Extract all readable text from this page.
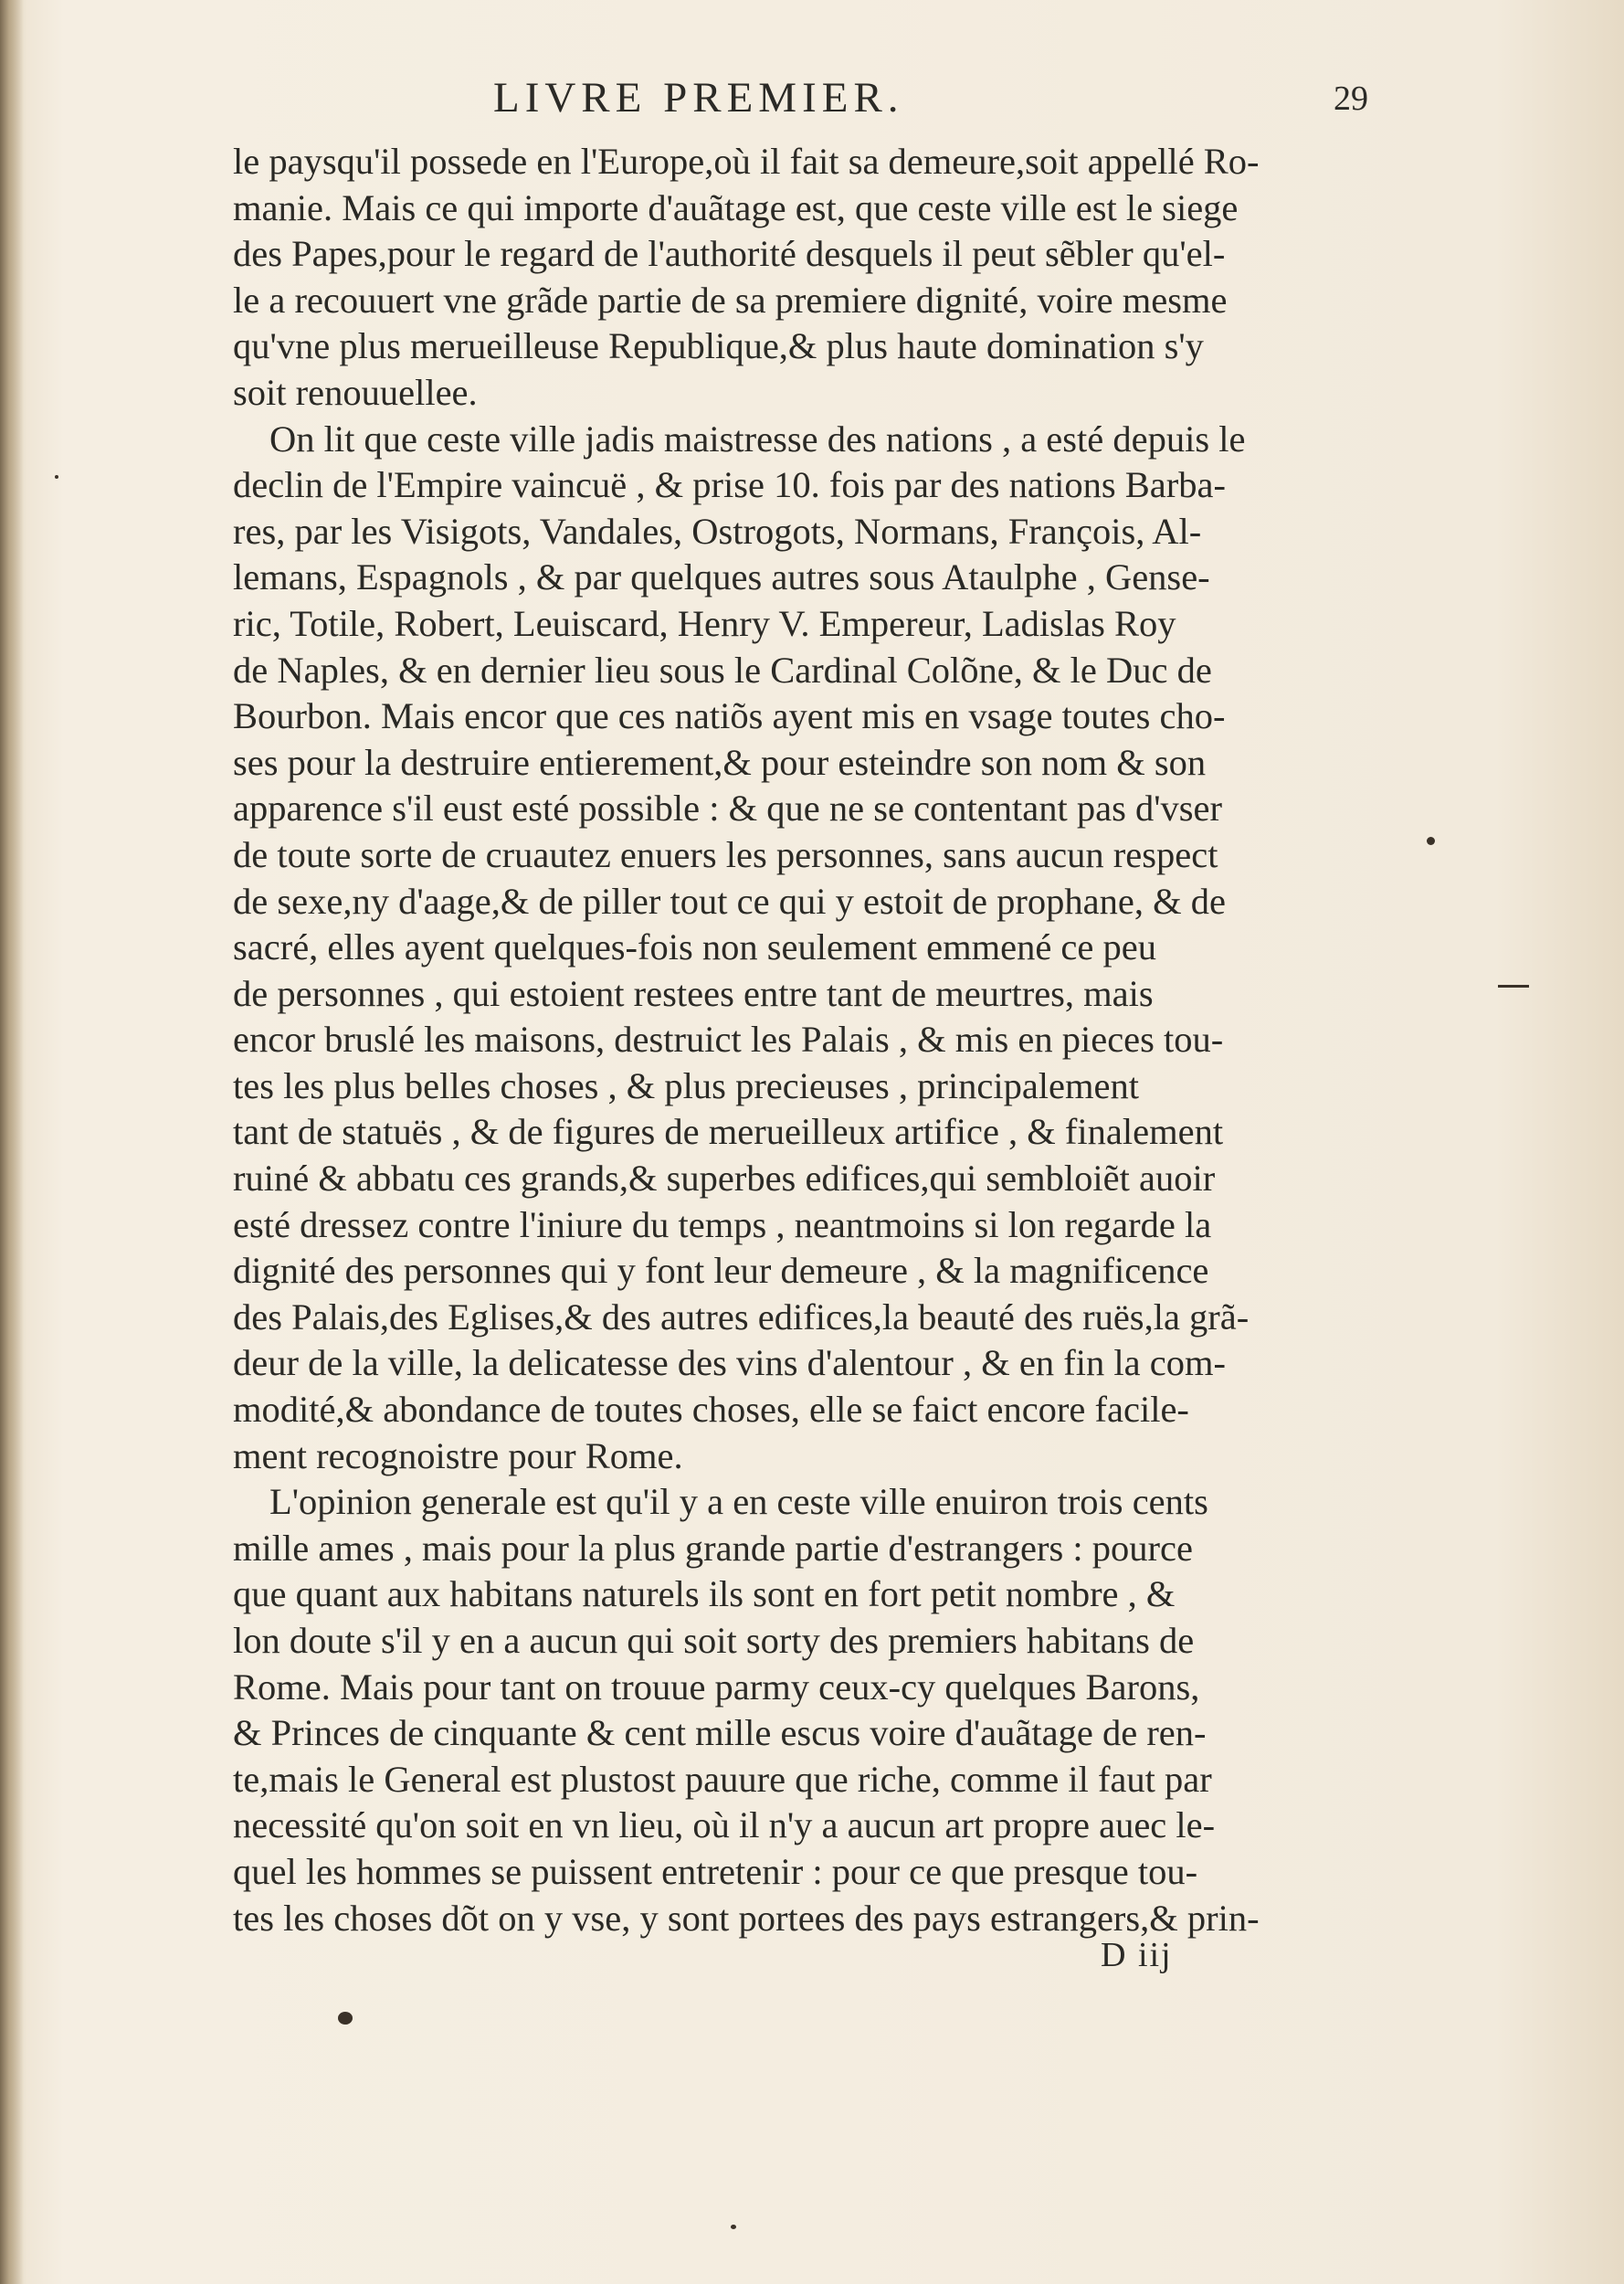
LIVRE PREMIER.	29
le paysqu'il possede en l'Europe,où il fait sa demeure,soit appellé Ro-
manie. Mais ce qui importe d'auãtage est, que ceste ville est le siege
des Papes,pour le regard de l'authorité desquels il peut sẽbler qu'el-
le a recouuert vne grãde partie de sa premiere dignité, voire mesme
qu'vne plus merueilleuse Republique,& plus haute domination s'y
soit renouuellee.
On lit que ceste ville jadis maistresse des nations , a esté depuis le
declin de l'Empire vaincuë , & prise 10. fois par des nations Barba-
res, par les Visigots, Vandales, Ostrogots, Normans, François, Al-
lemans, Espagnols , & par quelques autres sous Ataulphe , Gense-
ric, Totile, Robert, Leuiscard, Henry V. Empereur, Ladislas Roy
de Naples, & en dernier lieu sous le Cardinal Colõne, & le Duc de
Bourbon. Mais encor que ces natiõs ayent mis en vsage toutes cho-
ses pour la destruire entierement,& pour esteindre son nom & son
apparence s'il eust esté possible : & que ne se contentant pas d'vser
de toute sorte de cruautez enuers les personnes, sans aucun respect
de sexe,ny d'aage,& de piller tout ce qui y estoit de prophane, & de
sacré, elles ayent quelques-fois non seulement emmené ce peu
de personnes , qui estoient restees entre tant de meurtres, mais
encor bruslé les maisons, destruict les Palais , & mis en pieces tou-
tes les plus belles choses , & plus precieuses , principalement
tant de statuës , & de figures de merueilleux artifice , & finalement
ruiné & abbatu ces grands,& superbes edifices,qui sembloiẽt auoir
esté dressez contre l'iniure du temps , neantmoins si lon regarde la
dignité des personnes qui y font leur demeure , & la magnificence
des Palais,des Eglises,& des autres edifices,la beauté des ruës,la grã-
deur de la ville, la delicatesse des vins d'alentour , & en fin la com-
modité,& abondance de toutes choses, elle se faict encore facile-
ment recognoistre pour Rome.
L'opinion generale est qu'il y a en ceste ville enuiron trois cents
mille ames , mais pour la plus grande partie d'estrangers : pource
que quant aux habitans naturels ils sont en fort petit nombre , &
lon doute s'il y en a aucun qui soit sorty des premiers habitans de
Rome. Mais pour tant on trouue parmy ceux-cy quelques Barons,
& Princes de cinquante & cent mille escus voire d'auãtage de ren-
te,mais le General est plustost pauure que riche, comme il faut par
necessité qu'on soit en vn lieu, où il n'y a aucun art propre auec le-
quel les hommes se puissent entretenir : pour ce que presque tou-
tes les choses dõt on y vse, y sont portees des pays estrangers,& prin-
D iij
